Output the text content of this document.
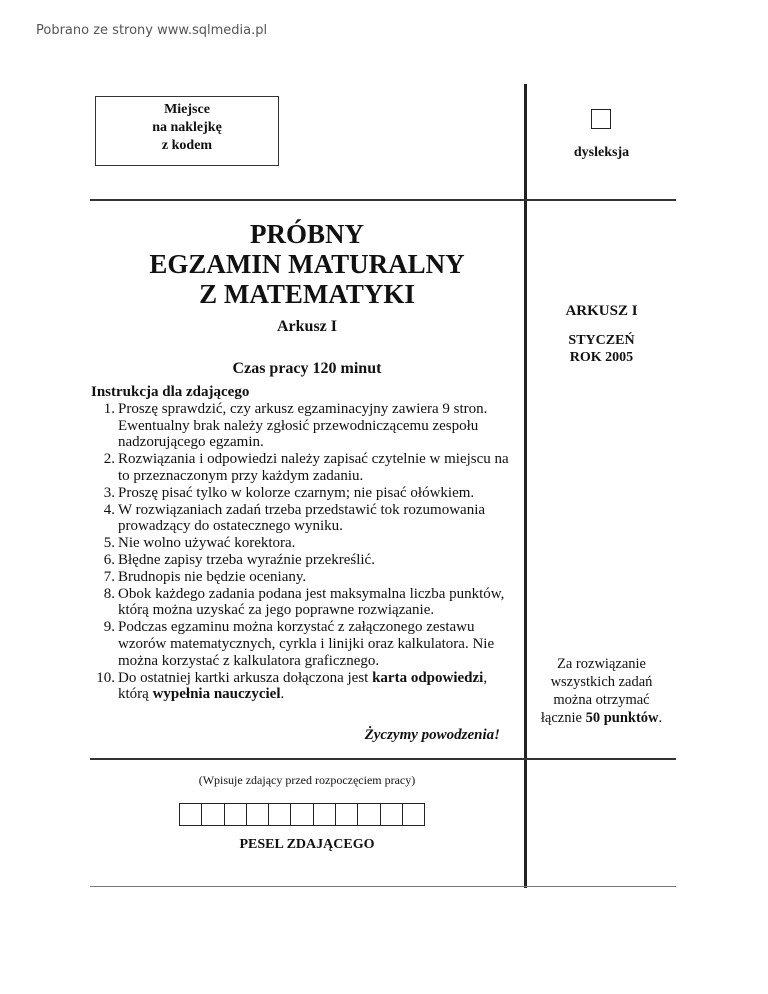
Pobrano ze strony www.sqlmedia.pl
Miejsce
na naklejkę
z kodem	dysleksja
PRÓBNY
EGZAMIN MATURALNY
Z MATEMATYKI
Arkusz I
Czas pracy 120 minut
Instrukcja dla zdającego
1. Proszę sprawdzić, czy arkusz egzaminacyjny zawiera 9 stron. Ewentualny brak należy zgłosić przewodniczącemu zespołu nadzorującego egzamin.
2. Rozwiązania i odpowiedzi należy zapisać czytelnie w miejscu na to przeznaczonym przy każdym zadaniu.
3. Proszę pisać tylko w kolorze czarnym; nie pisać ołówkiem.
4. W rozwiązaniach zadań trzeba przedstawić tok rozumowania prowadzący do ostatecznego wyniku.
5. Nie wolno używać korektora.
6. Błędne zapisy trzeba wyraźnie przekreślić.
7. Brudnopis nie będzie oceniany.
8. Obok każdego zadania podana jest maksymalna liczba punktów, którą można uzyskać za jego poprawne rozwiązanie.
9. Podczas egzaminu można korzystać z załączonego zestawu wzorów matematycznych, cyrkla i linijki oraz kalkulatora. Nie można korzystać z kalkulatora graficznego.
10. Do ostatniej kartki arkusza dołączona jest karta odpowiedzi, którą wypełnia nauczyciel.
Życzymy powodzenia!
ARKUSZ I
STYCZEŃ
ROK 2005
Za rozwiązanie
wszystkich zadań
można otrzymać
łącznie 50 punktów.
(Wpisuje zdający przed rozpoczęciem pracy)
PESEL ZDAJĄCEGO
